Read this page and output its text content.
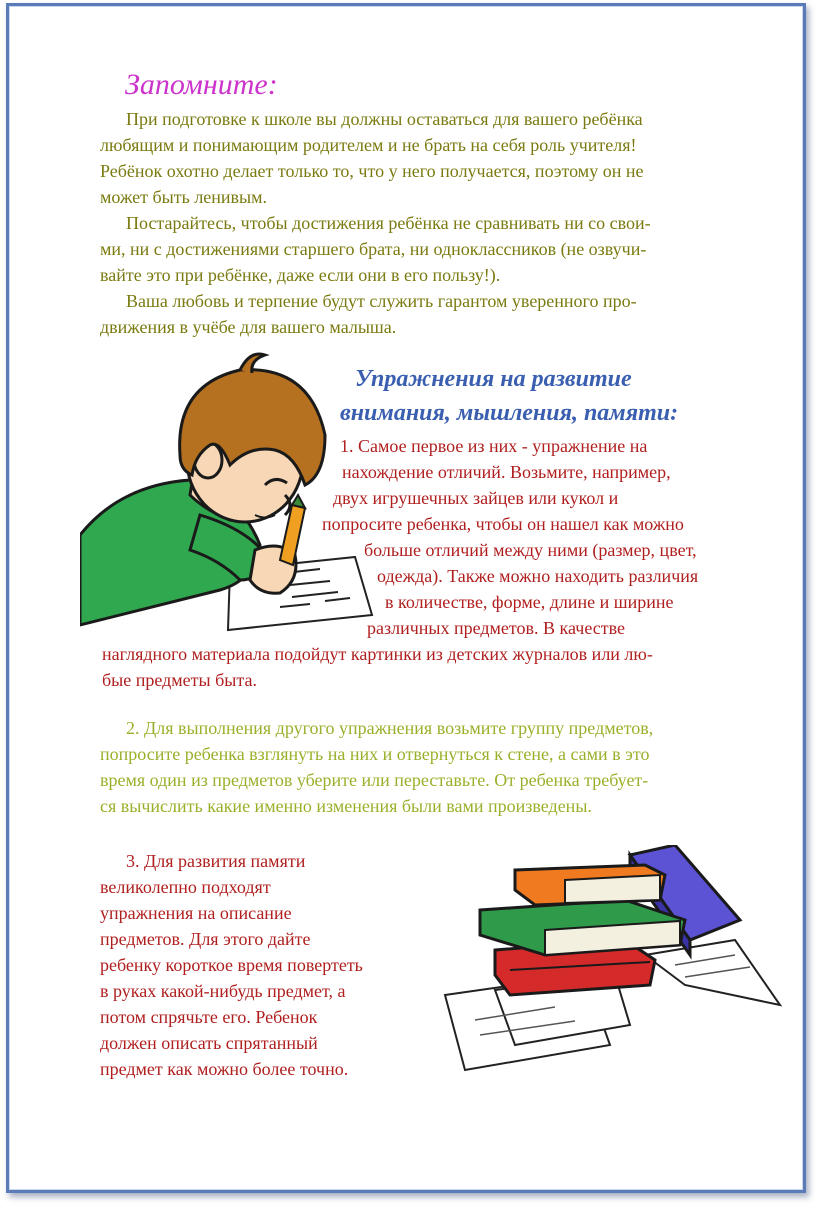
Запомните:
При подготовке к школе вы должны оставаться для вашего ребёнка
любящим и понимающим родителем и не брать на себя роль учителя!
Ребёнок охотно делает только то, что у него получается, поэтому он не
может быть ленивым.
Постарайтесь, чтобы достижения ребёнка не сравнивать ни со свои-
ми, ни с достижениями старшего брата, ни одноклассников (не озвучи-
вайте это при ребёнке, даже если они в его пользу!).
Ваша любовь и терпение будут служить гарантом уверенного про-
движения в учёбе для вашего малыша.
Упражнения на развитие
внимания, мышления, памяти:
1. Самое первое из них - упражнение на
нахождение отличий. Возьмите, например,
двух игрушечных зайцев или кукол и
попросите ребенка, чтобы он нашел как можно
больше отличий между ними (размер, цвет,
одежда). Также можно находить различия
в количестве, форме, длине и ширине
различных предметов. В качестве
наглядного материала подойдут картинки из детских журналов или лю-
бые предметы быта.
2. Для выполнения другого упражнения возьмите группу предметов,
попросите ребенка взглянуть на них и отвернуться к стене, а сами в это
время один из предметов уберите или переставьте. От ребенка требует-
ся вычислить какие именно изменения были вами произведены.
3. Для развития памяти
великолепно подходят
упражнения на описание
предметов. Для этого дайте
ребенку короткое время повертеть
в руках какой-нибудь предмет, а
потом спрячьте его. Ребенок
должен описать спрятанный
предмет как можно более точно.
